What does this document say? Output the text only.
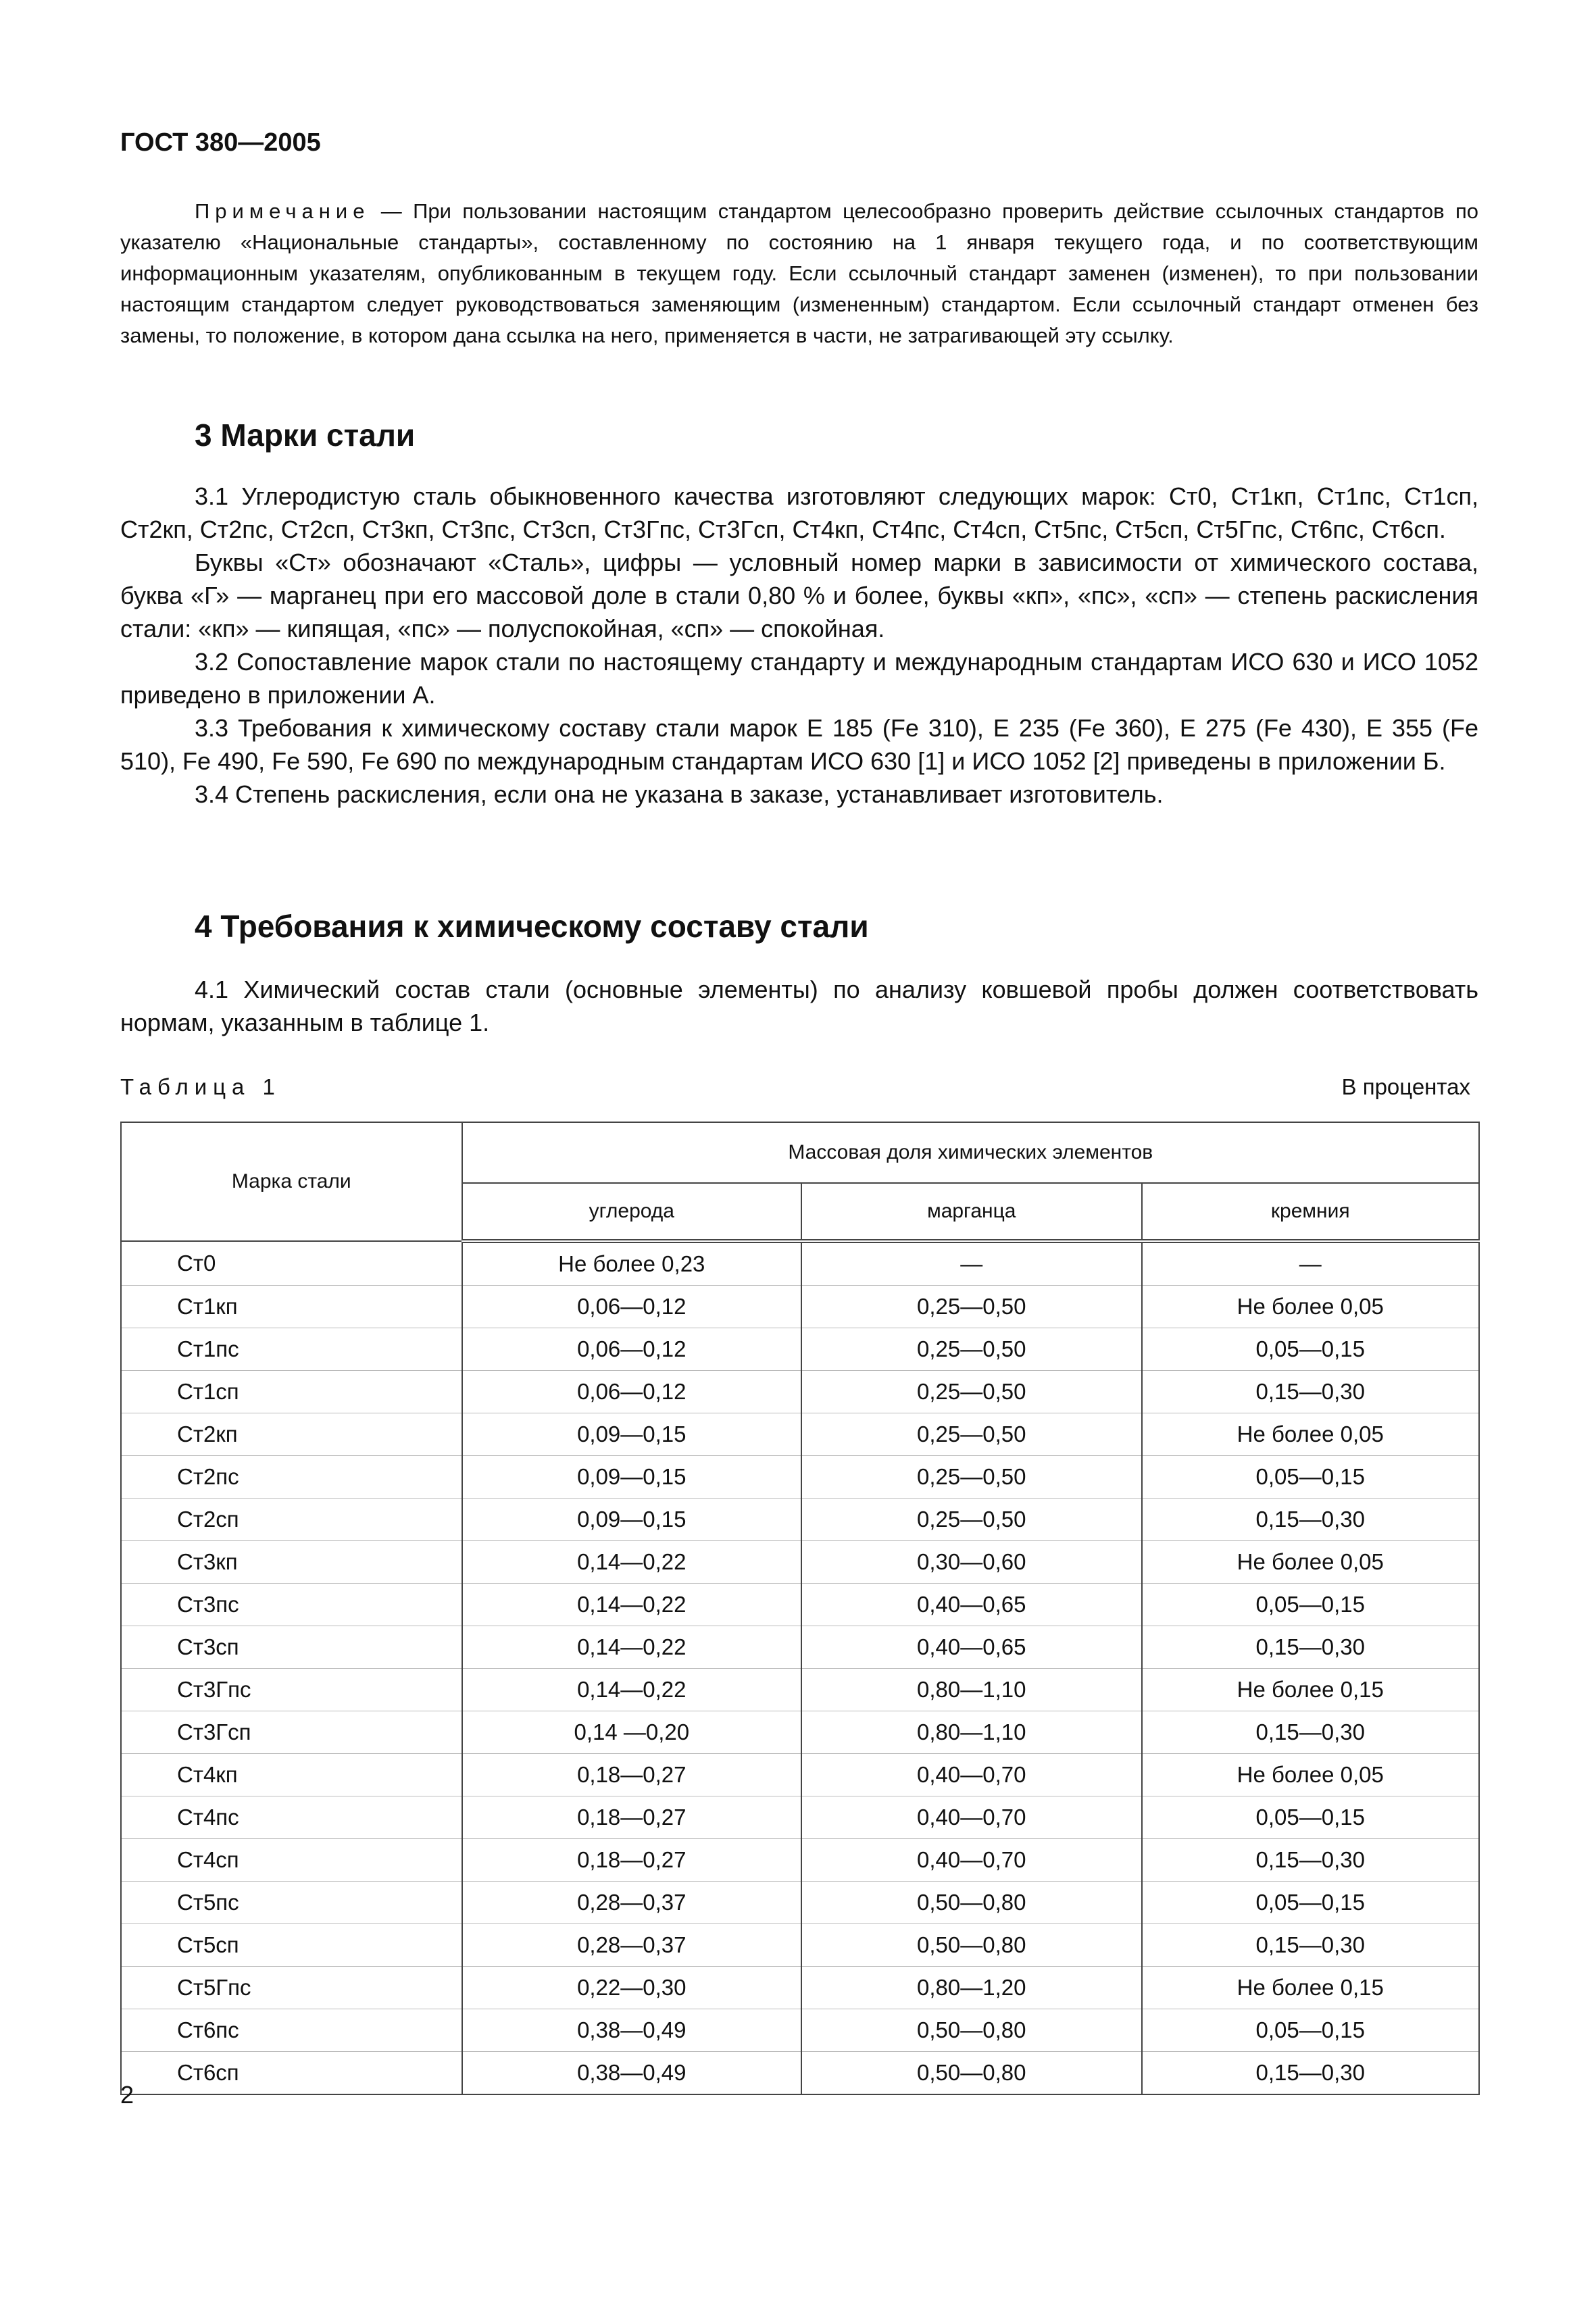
ГОСТ 380—2005
Примечание — При пользовании настоящим стандартом целесообразно проверить действие ссылочных стандартов по указателю «Национальные стандарты», составленному по состоянию на 1 января текущего года, и по соответствующим информационным указателям, опубликованным в текущем году. Если ссылочный стандарт заменен (изменен), то при пользовании настоящим стандартом следует руководствоваться заменяющим (измененным) стандартом. Если ссылочный стандарт отменен без замены, то положение, в котором дана ссылка на него, применяется в части, не затрагивающей эту ссылку.
3 Марки стали

3.1 Углеродистую сталь обыкновенного качества изготовляют следующих марок: Ст0, Ст1кп, Ст1пс, Ст1сп, Ст2кп, Ст2пс, Ст2сп, Ст3кп, Ст3пс, Ст3сп, Ст3Гпс, Ст3Гсп, Ст4кп, Ст4пс, Ст4сп, Ст5пс, Ст5сп, Ст5Гпс, Ст6пс, Ст6сп.

Буквы «Ст» обозначают «Сталь», цифры — условный номер марки в зависимости от химического состава, буква «Г» — марганец при его массовой доле в стали 0,80 % и более, буквы «кп», «пс», «сп» — степень раскисления стали: «кп» — кипящая, «пс» — полуспокойная, «сп» — спокойная.

3.2 Сопоставление марок стали по настоящему стандарту и международным стандартам ИСО 630 и ИСО 1052 приведено в приложении А.

3.3 Требования к химическому составу стали марок Е 185 (Fe 310), Е 235 (Fe 360), Е 275 (Fe 430), Е 355 (Fe 510), Fe 490, Fe 590, Fe 690 по международным стандартам ИСО 630 [1] и ИСО 1052 [2] приведены в приложении Б.

3.4 Степень раскисления, если она не указана в заказе, устанавливает изготовитель.

4 Требования к химическому составу стали

4.1 Химический состав стали (основные элементы) по анализу ковшевой пробы должен соответствовать нормам, указанным в таблице 1.

Таблица 1	В процентах
Марка стали	Массовая доля химических элементов		
	углерода	марганца	кремния
Ст0	Не более 0,23	—	—
Ст1кп	0,06—0,12	0,25—0,50	Не более 0,05
Ст1пс	0,06—0,12	0,25—0,50	0,05—0,15
Ст1сп	0,06—0,12	0,25—0,50	0,15—0,30
Ст2кп	0,09—0,15	0,25—0,50	Не более 0,05
Ст2пс	0,09—0,15	0,25—0,50	0,05—0,15
Ст2сп	0,09—0,15	0,25—0,50	0,15—0,30
Ст3кп	0,14—0,22	0,30—0,60	Не более 0,05
Ст3пс	0,14—0,22	0,40—0,65	0,05—0,15
Ст3сп	0,14—0,22	0,40—0,65	0,15—0,30
Ст3Гпс	0,14—0,22	0,80—1,10	Не более 0,15
Ст3Гсп	0,14 —0,20	0,80—1,10	0,15—0,30
Ст4кп	0,18—0,27	0,40—0,70	Не более 0,05
Ст4пс	0,18—0,27	0,40—0,70	0,05—0,15
Ст4сп	0,18—0,27	0,40—0,70	0,15—0,30
Ст5пс	0,28—0,37	0,50—0,80	0,05—0,15
Ст5сп	0,28—0,37	0,50—0,80	0,15—0,30
Ст5Гпс	0,22—0,30	0,80—1,20	Не более 0,15
Ст6пс	0,38—0,49	0,50—0,80	0,05—0,15
Ст6сп	0,38—0,49	0,50—0,80	0,15—0,30
2
